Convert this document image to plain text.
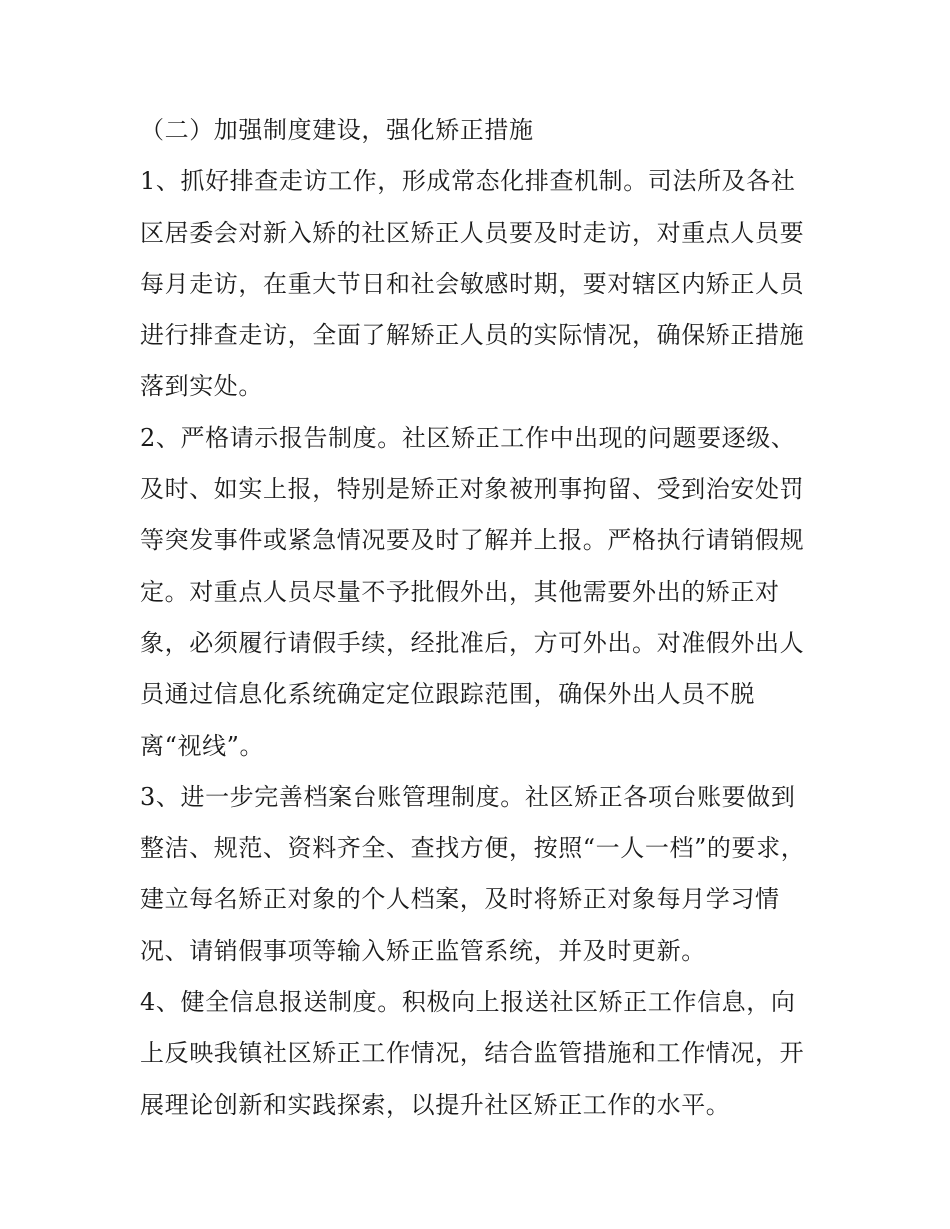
（二）加强制度建设，强化矫正措施
1、抓好排查走访工作，形成常态化排查机制。司法所及各社
区居委会对新入矫的社区矫正人员要及时走访，对重点人员要
每月走访，在重大节日和社会敏感时期，要对辖区内矫正人员
进行排查走访，全面了解矫正人员的实际情况，确保矫正措施
落到实处。
2、严格请示报告制度。社区矫正工作中出现的问题要逐级、
及时、如实上报，特别是矫正对象被刑事拘留、受到治安处罚
等突发事件或紧急情况要及时了解并上报。严格执行请销假规
定。对重点人员尽量不予批假外出，其他需要外出的矫正对
象，必须履行请假手续，经批准后，方可外出。对准假外出人
员通过信息化系统确定定位跟踪范围，确保外出人员不脱
离“视线”。
3、进一步完善档案台账管理制度。社区矫正各项台账要做到
整洁、规范、资料齐全、查找方便，按照“一人一档”的要求，
建立每名矫正对象的个人档案，及时将矫正对象每月学习情
况、请销假事项等输入矫正监管系统，并及时更新。
4、健全信息报送制度。积极向上报送社区矫正工作信息，向
上反映我镇社区矫正工作情况，结合监管措施和工作情况，开
展理论创新和实践探索，以提升社区矫正工作的水平。
